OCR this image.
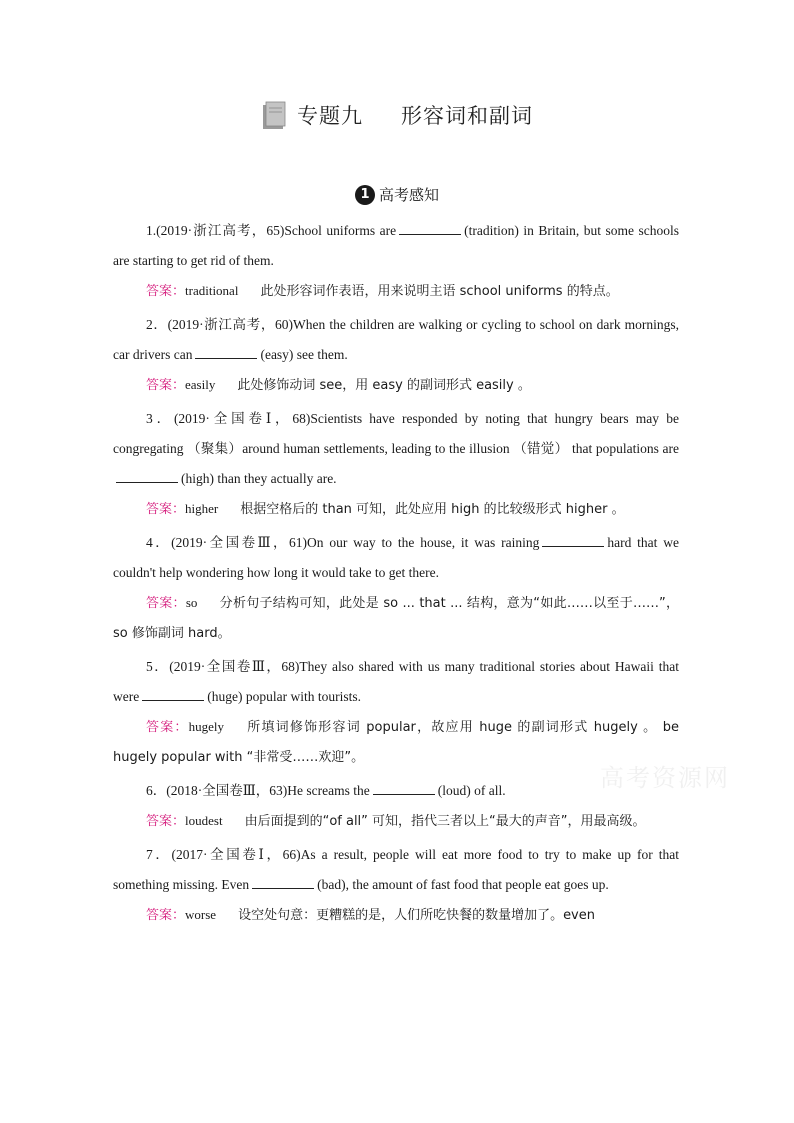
专题九 形容词和副词
1 高考感知

1.(2019·浙江高考，65)School uniforms are	(tradition) in Britain, but some schools are starting to get rid of them.

答案：traditional 此处形容词作表语，用来说明主语 school uniforms 的特点。

2．(2019·浙江高考，60)When the children are walking or cycling to school on dark mornings, car drivers can	(easy) see them.

答案：easily 此处修饰动词 see，用 easy 的副词形式 easily 。

3．(2019·全国卷Ⅰ，68)Scientists have responded by noting that hungry bears may be congregating （聚集）around human settlements, leading to the illusion （错觉） that populations are(high) than they actually are.

答案：higher 根据空格后的 than 可知，此处应用 high 的比较级形式 higher 。

4．(2019·全国卷Ⅲ，61)On our way to the house, it was raining	hard that we couldn't help wondering how long it would take to get there.

答案：so 分析句子结构可知，此处是 so ... that ... 结构，意为“如此……以至于……”，so 修饰副词 hard。

5．(2019·全国卷Ⅲ，68)They also shared with us many traditional stories about Hawaii that were	(huge) popular with tourists.

答案：hugely 所填词修饰形容词 popular，故应用 huge 的副词形式 hugely 。 be hugely popular with “非常受……欢迎”。

6．(2018·全国卷Ⅲ，63)He screams the	(loud) of all.

答案：loudest 由后面提到的“of all” 可知，指代三者以上“最大的声音”，用最高级。

7．(2017·全国卷Ⅰ，66)As a result, people will eat more food to try to make up for that something missing. Even	(bad), the amount of fast food that people eat goes up.

答案：worse 设空处句意：更糟糕的是，人们所吃快餐的数量增加了。even

高考资源网
